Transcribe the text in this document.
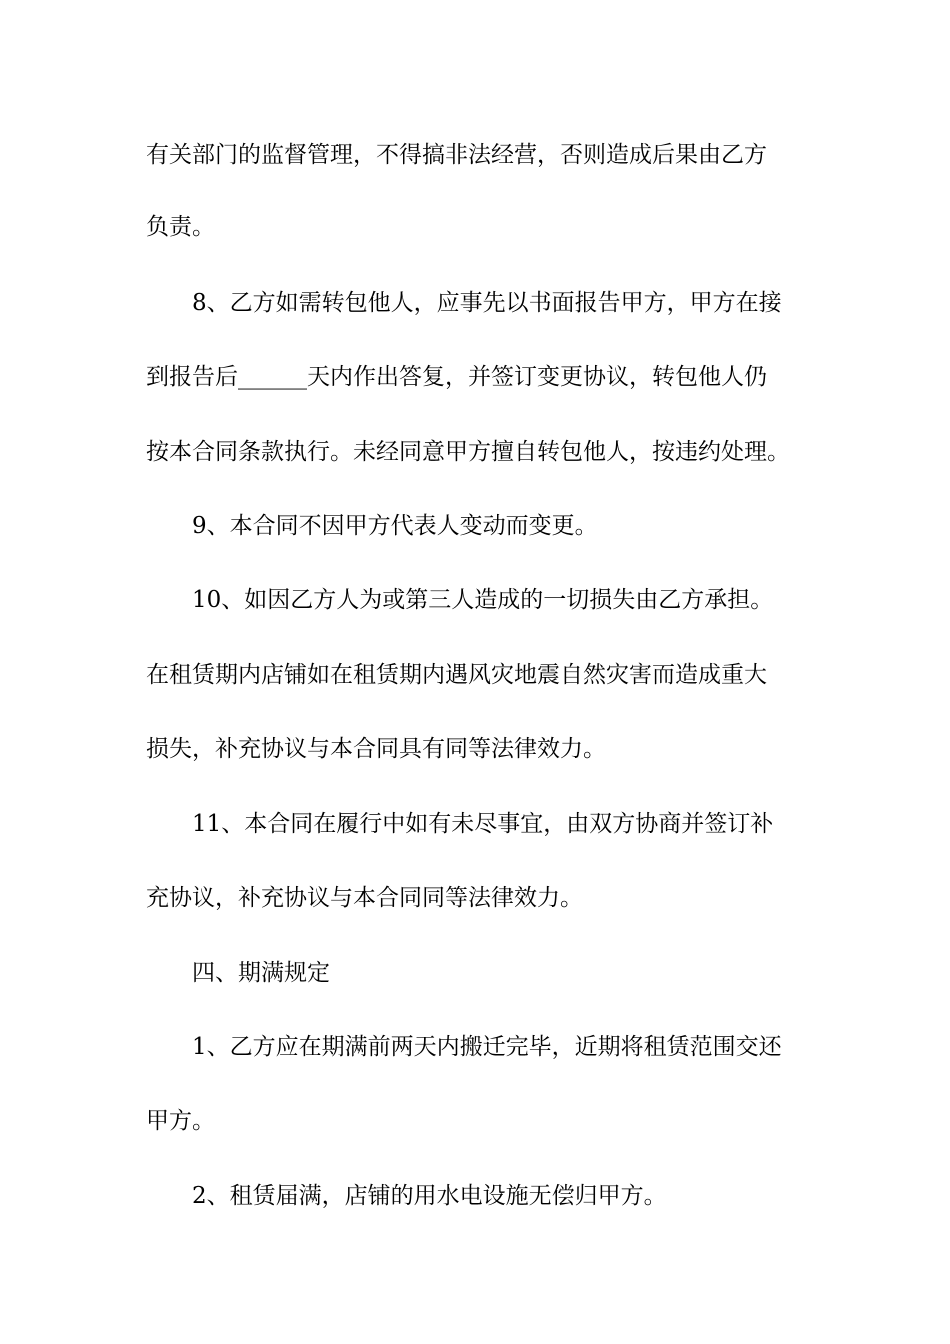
有关部门的监督管理，不得搞非法经营，否则造成后果由乙方
负责。
8、乙方如需转包他人，应事先以书面报告甲方，甲方在接
到报告后______天内作出答复，并签订变更协议，转包他人仍
按本合同条款执行。未经同意甲方擅自转包他人，按违约处理。
9、本合同不因甲方代表人变动而变更。
10、如因乙方人为或第三人造成的一切损失由乙方承担。
在租赁期内店铺如在租赁期内遇风灾地震自然灾害而造成重大
损失，补充协议与本合同具有同等法律效力。
11、本合同在履行中如有未尽事宜，由双方协商并签订补
充协议，补充协议与本合同同等法律效力。
四、期满规定
1、乙方应在期满前两天内搬迁完毕，近期将租赁范围交还
甲方。
2、租赁届满，店铺的用水电设施无偿归甲方。
